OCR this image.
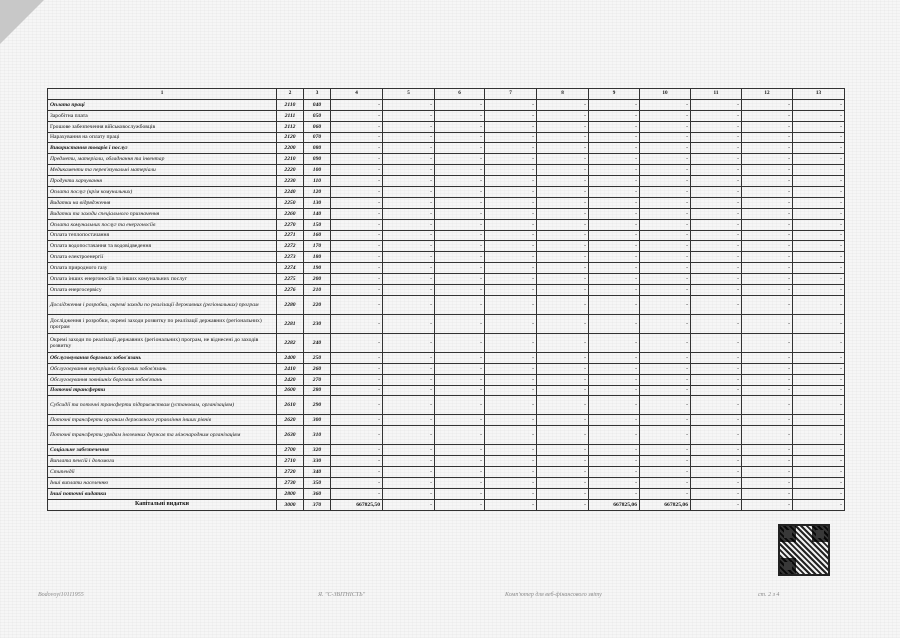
1	2	3	4	5	6	7	8	9	10	11	12	13
Оплата праці	2110	040	-	-	-	-	-	-	-	-	-	-
Заробітна плата	2111	050	-	-	-	-	-	-	-	-	-	-
Грошове забезпечення військовослужбовців	2112	060	-	-	-	-	-	-	-	-	-	-
Нарахування на оплату праці	2120	070	-	-	-	-	-	-	-	-	-	-
Використання товарів і послуг	2200	080	-	-	-	-	-	-	-	-	-	-
Предмети, матеріали, обладнання та інвентар	2210	090	-	-	-	-	-	-	-	-	-	-
Медикаменти та перев'язувальні матеріали	2220	100	-	-	-	-	-	-	-	-	-	-
Продукти харчування	2230	110	-	-	-	-	-	-	-	-	-	-
Оплата послуг (крім комунальних)	2240	120	-	-	-	-	-	-	-	-	-	-
Видатки на відрядження	2250	130	-	-	-	-	-	-	-	-	-	-
Видатки та заходи спеціального призначення	2260	140	-	-	-	-	-	-	-	-	-	-
Оплата комунальних послуг та енергоносіїв	2270	150	-	-	-	-	-	-	-	-	-	-
Оплата теплопостачання	2271	160	-	-	-	-	-	-	-	-	-	-
Оплата водопостачання та водовідведення	2272	170	-	-	-	-	-	-	-	-	-	-
Оплата електроенергії	2273	180	-	-	-	-	-	-	-	-	-	-
Оплата природного газу	2274	190	-	-	-	-	-	-	-	-	-	-
Оплата інших енергоносіїв та інших комунальних послуг	2275	200	-	-	-	-	-	-	-	-	-	-
Оплата енергосервісу	2276	210	-	-	-	-	-	-	-	-	-	-
Дослідження і розробки, окремі заходи по реалізації державних (регіональних) програм	2280	220	-	-	-	-	-	-	-	-	-	-
Дослідження і розробки, окремі заходи розвитку по реалізації державних (регіональних) програм	2281	230	-	-	-	-	-	-	-	-	-	-
Окремі заходи по реалізації державних (регіональних) програм, не віднесені до заходів розвитку	2282	240	-	-	-	-	-	-	-	-	-	-
Обслуговування боргових зобов'язань	2400	250	-	-	-	-	-	-	-	-	-	-
Обслуговування внутрішніх боргових зобов'язань	2410	260	-	-	-	-	-	-	-	-	-	-
Обслуговування зовнішніх боргових зобов'язань	2420	270	-	-	-	-	-	-	-	-	-	-
Поточні трансферти	2600	280	-	-	-	-	-	-	-	-	-	-
Субсидії та поточні трансферти підприємствам (установам, організаціям)	2610	290	-	-	-	-	-	-	-	-	-	-
Поточні трансферти органам державного управління інших рівнів	2620	300	-	-	-	-	-	-	-	-	-	-
Поточні трансферти урядам іноземних держав та міжнародним організаціям	2630	310	-	-	-	-	-	-	-	-	-	-
Соціальне забезпечення	2700	320	-	-	-	-	-	-	-	-	-	-
Виплата пенсій і допомоги	2710	330	-	-	-	-	-	-	-	-	-	-
Стипендії	2720	340	-	-	-	-	-	-	-	-	-	-
Інші виплати населенню	2730	350	-	-	-	-	-	-	-	-	-	-
Інші поточні видатки	2800	360	-	-	-	-	-	-	-	-	-	-
Капітальні видатки	3000	370	667825,50	-	-	-	-	667825,06	667825,06	-	-	-
Bodovoyi10111955	Я. "С-ЗВІТНІСТЬ"	Комп'ютер для веб-фінансового звіту	ст. 2 з 4
